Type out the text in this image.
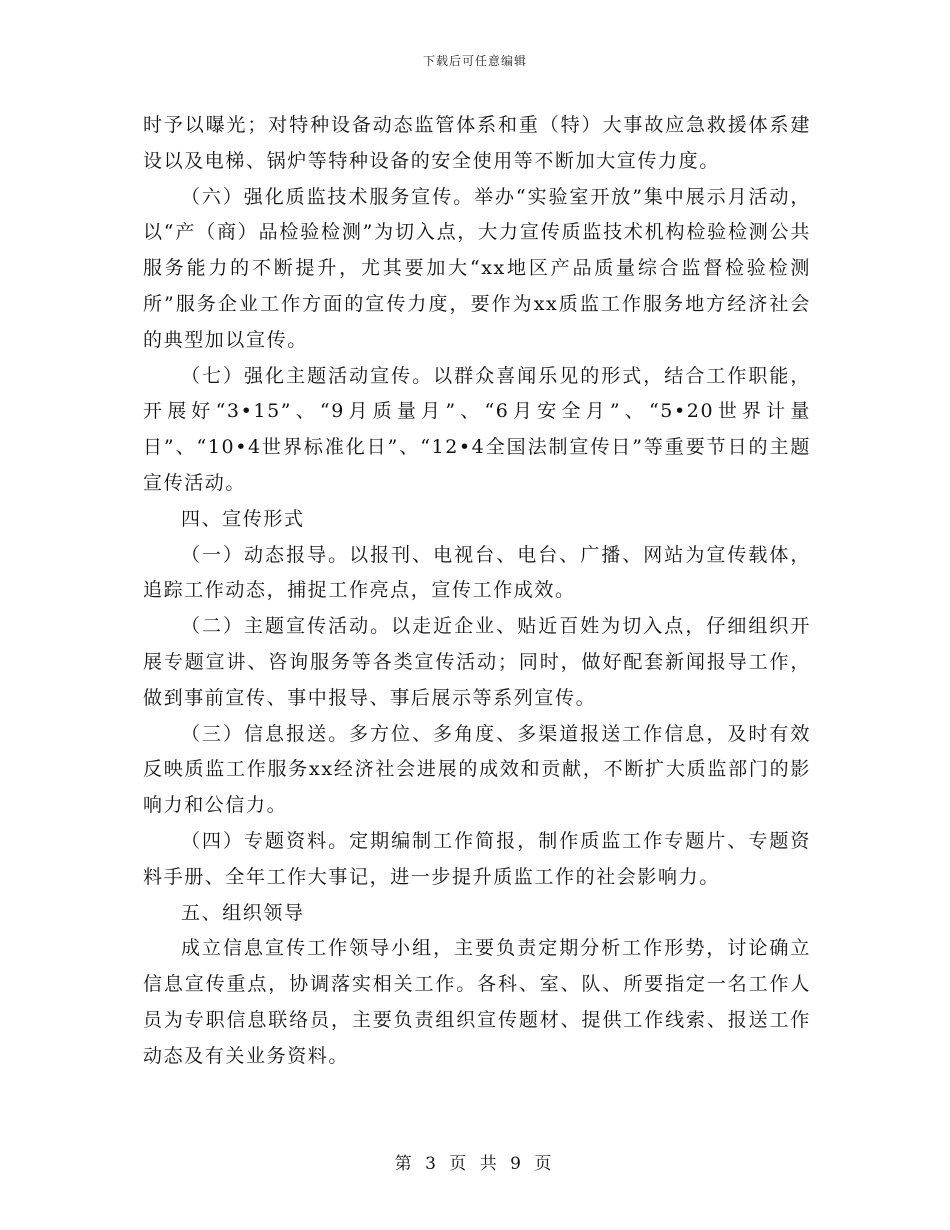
下载后可任意编辑

时予以曝光；对特种设备动态监管体系和重（特）大事故应急救援体系建设以及电梯、锅炉等特种设备的安全使用等不断加大宣传力度。

（六）强化质监技术服务宣传。举办“实验室开放”集中展示月活动，以“产（商）品检验检测”为切入点，大力宣传质监技术机构检验检测公共服务能力的不断提升，尤其要加大“xx地区产品质量综合监督检验检测所”服务企业工作方面的宣传力度，要作为xx质监工作服务地方经济社会的典型加以宣传。

（七）强化主题活动宣传。以群众喜闻乐见的形式，结合工作职能，开展好“3•15”、“9月质量月”、“6月安全月”、“5•20世界计量日”、“10•4世界标准化日”、“12•4全国法制宣传日”等重要节日的主题宣传活动。

四、宣传形式

（一）动态报导。以报刊、电视台、电台、广播、网站为宣传载体，追踪工作动态，捕捉工作亮点，宣传工作成效。

（二）主题宣传活动。以走近企业、贴近百姓为切入点，仔细组织开展专题宣讲、咨询服务等各类宣传活动；同时，做好配套新闻报导工作，做到事前宣传、事中报导、事后展示等系列宣传。

（三）信息报送。多方位、多角度、多渠道报送工作信息，及时有效反映质监工作服务xx经济社会进展的成效和贡献，不断扩大质监部门的影响力和公信力。

（四）专题资料。定期编制工作简报，制作质监工作专题片、专题资料手册、全年工作大事记，进一步提升质监工作的社会影响力。

五、组织领导

成立信息宣传工作领导小组，主要负责定期分析工作形势，讨论确立信息宣传重点，协调落实相关工作。各科、室、队、所要指定一名工作人员为专职信息联络员，主要负责组织宣传题材、提供工作线索、报送工作动态及有关业务资料。

第 3 页 共 9 页
